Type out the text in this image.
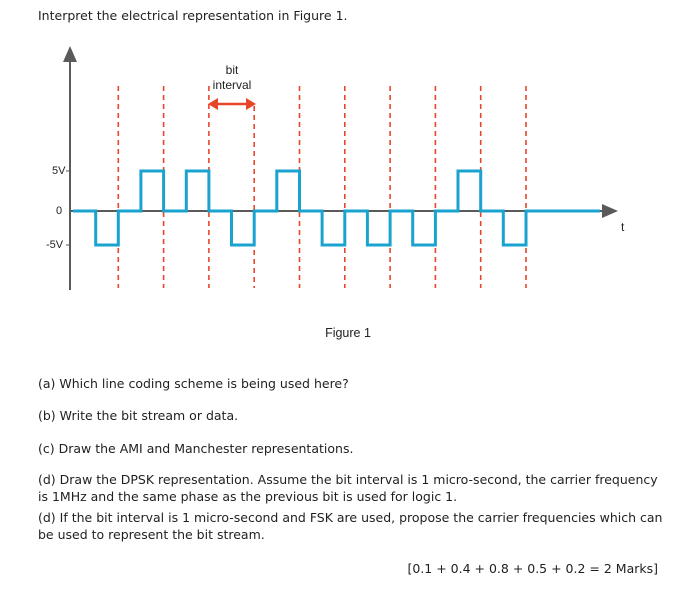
Interpret the electrical representation in Figure 1.

5V
0
-5V
bit
interval
t
Figure 1

(a) Which line coding scheme is being used here?

(b) Write the bit stream or data.

(c) Draw the AMI and Manchester representations.

(d) Draw the DPSK representation. Assume the bit interval is 1 micro-second, the carrier frequency is 1MHz and the same phase as the previous bit is used for logic 1.

(d) If the bit interval is 1 micro-second and FSK are used, propose the carrier frequencies which can be used to represent the bit stream.

[0.1 + 0.4 + 0.8 + 0.5 + 0.2 = 2 Marks]
